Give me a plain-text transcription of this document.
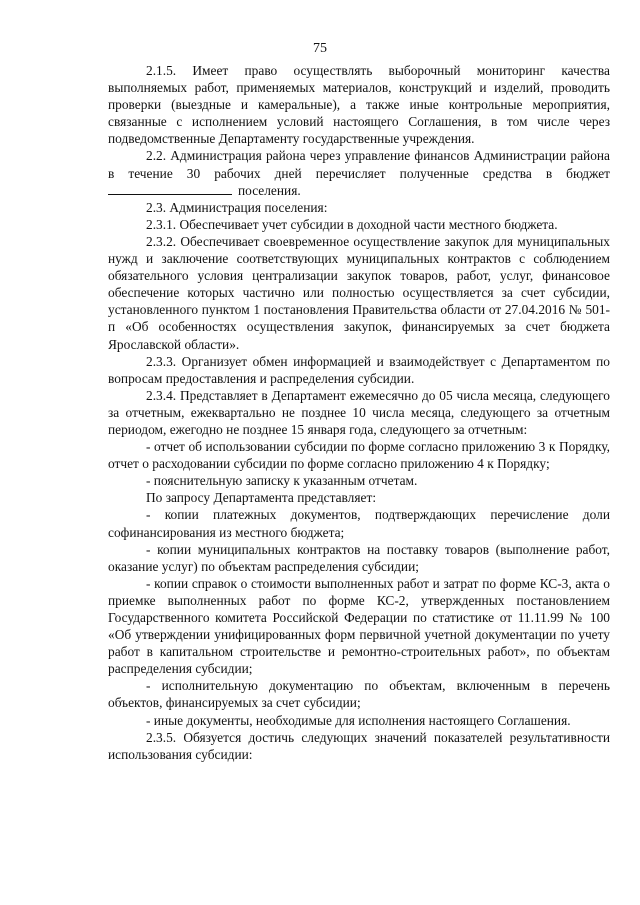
75

2.1.5. Имеет право осуществлять выборочный мониторинг качества выполняемых работ, применяемых материалов, конструкций и изделий, проводить проверки (выездные и камеральные), а также иные контрольные мероприятия, связанные с исполнением условий настоящего Соглашения, в том числе через подведомственные Департаменту государственные учреждения.

2.2. Администрация района через управление финансов Администрации района в течение 30 рабочих дней перечисляет полученные средства в бюджет поселения.

2.3. Администрация поселения:

2.3.1. Обеспечивает учет субсидии в доходной части местного бюджета.

2.3.2. Обеспечивает своевременное осуществление закупок для муниципальных нужд и заключение соответствующих муниципальных контрактов с соблюдением обязательного условия централизации закупок товаров, работ, услуг, финансовое обеспечение которых частично или полностью осуществляется за счет субсидии, установленного пунктом 1 постановления Правительства области от 27.04.2016 № 501-п «Об особенностях осуществления закупок, финансируемых за счет бюджета Ярославской области».

2.3.3. Организует обмен информацией и взаимодействует с Департаментом по вопросам предоставления и распределения субсидии.

2.3.4. Представляет в Департамент ежемесячно до 05 числа месяца, следующего за отчетным, ежеквартально не позднее 10 числа месяца, следующего за отчетным периодом, ежегодно не позднее 15 января года, следующего за отчетным:

- отчет об использовании субсидии по форме согласно приложению 3 к Порядку, отчет о расходовании субсидии по форме согласно приложению 4 к Порядку;

- пояснительную записку к указанным отчетам.

По запросу Департамента представляет:

- копии платежных документов, подтверждающих перечисление доли софинансирования из местного бюджета;

- копии муниципальных контрактов на поставку товаров (выполнение работ, оказание услуг) по объектам распределения субсидии;

- копии справок о стоимости выполненных работ и затрат по форме КС-3, акта о приемке выполненных работ по форме КС-2, утвержденных постановлением Государственного комитета Российской Федерации по статистике от 11.11.99 № 100 «Об утверждении унифицированных форм первичной учетной документации по учету работ в капитальном строительстве и ремонтно-строительных работ», по объектам распределения субсидии;

- исполнительную документацию по объектам, включенным в перечень объектов, финансируемых за счет субсидии;

- иные документы, необходимые для исполнения настоящего Соглашения.

2.3.5. Обязуется достичь следующих значений показателей результативности использования субсидии:
